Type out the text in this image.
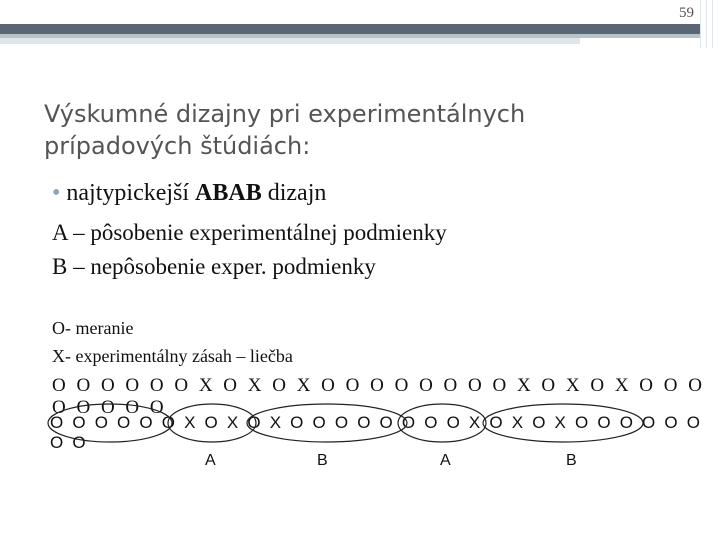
59
Výskumné dizajny pri experimentálnych prípadových štúdiách:
• najtypickejší ABAB dizajn
A – pôsobenie experimentálnej podmienky
B – nepôsobenie exper. podmienky
O- meranie
X- experimentálny zásah – liečba
O O O O O O X O X O X O O O O O O O O X O X O X O O O O O O O O
O O O O O O X O X O X O O O O O O O O X O X O X O O O O O O O O
A	B	A	B
